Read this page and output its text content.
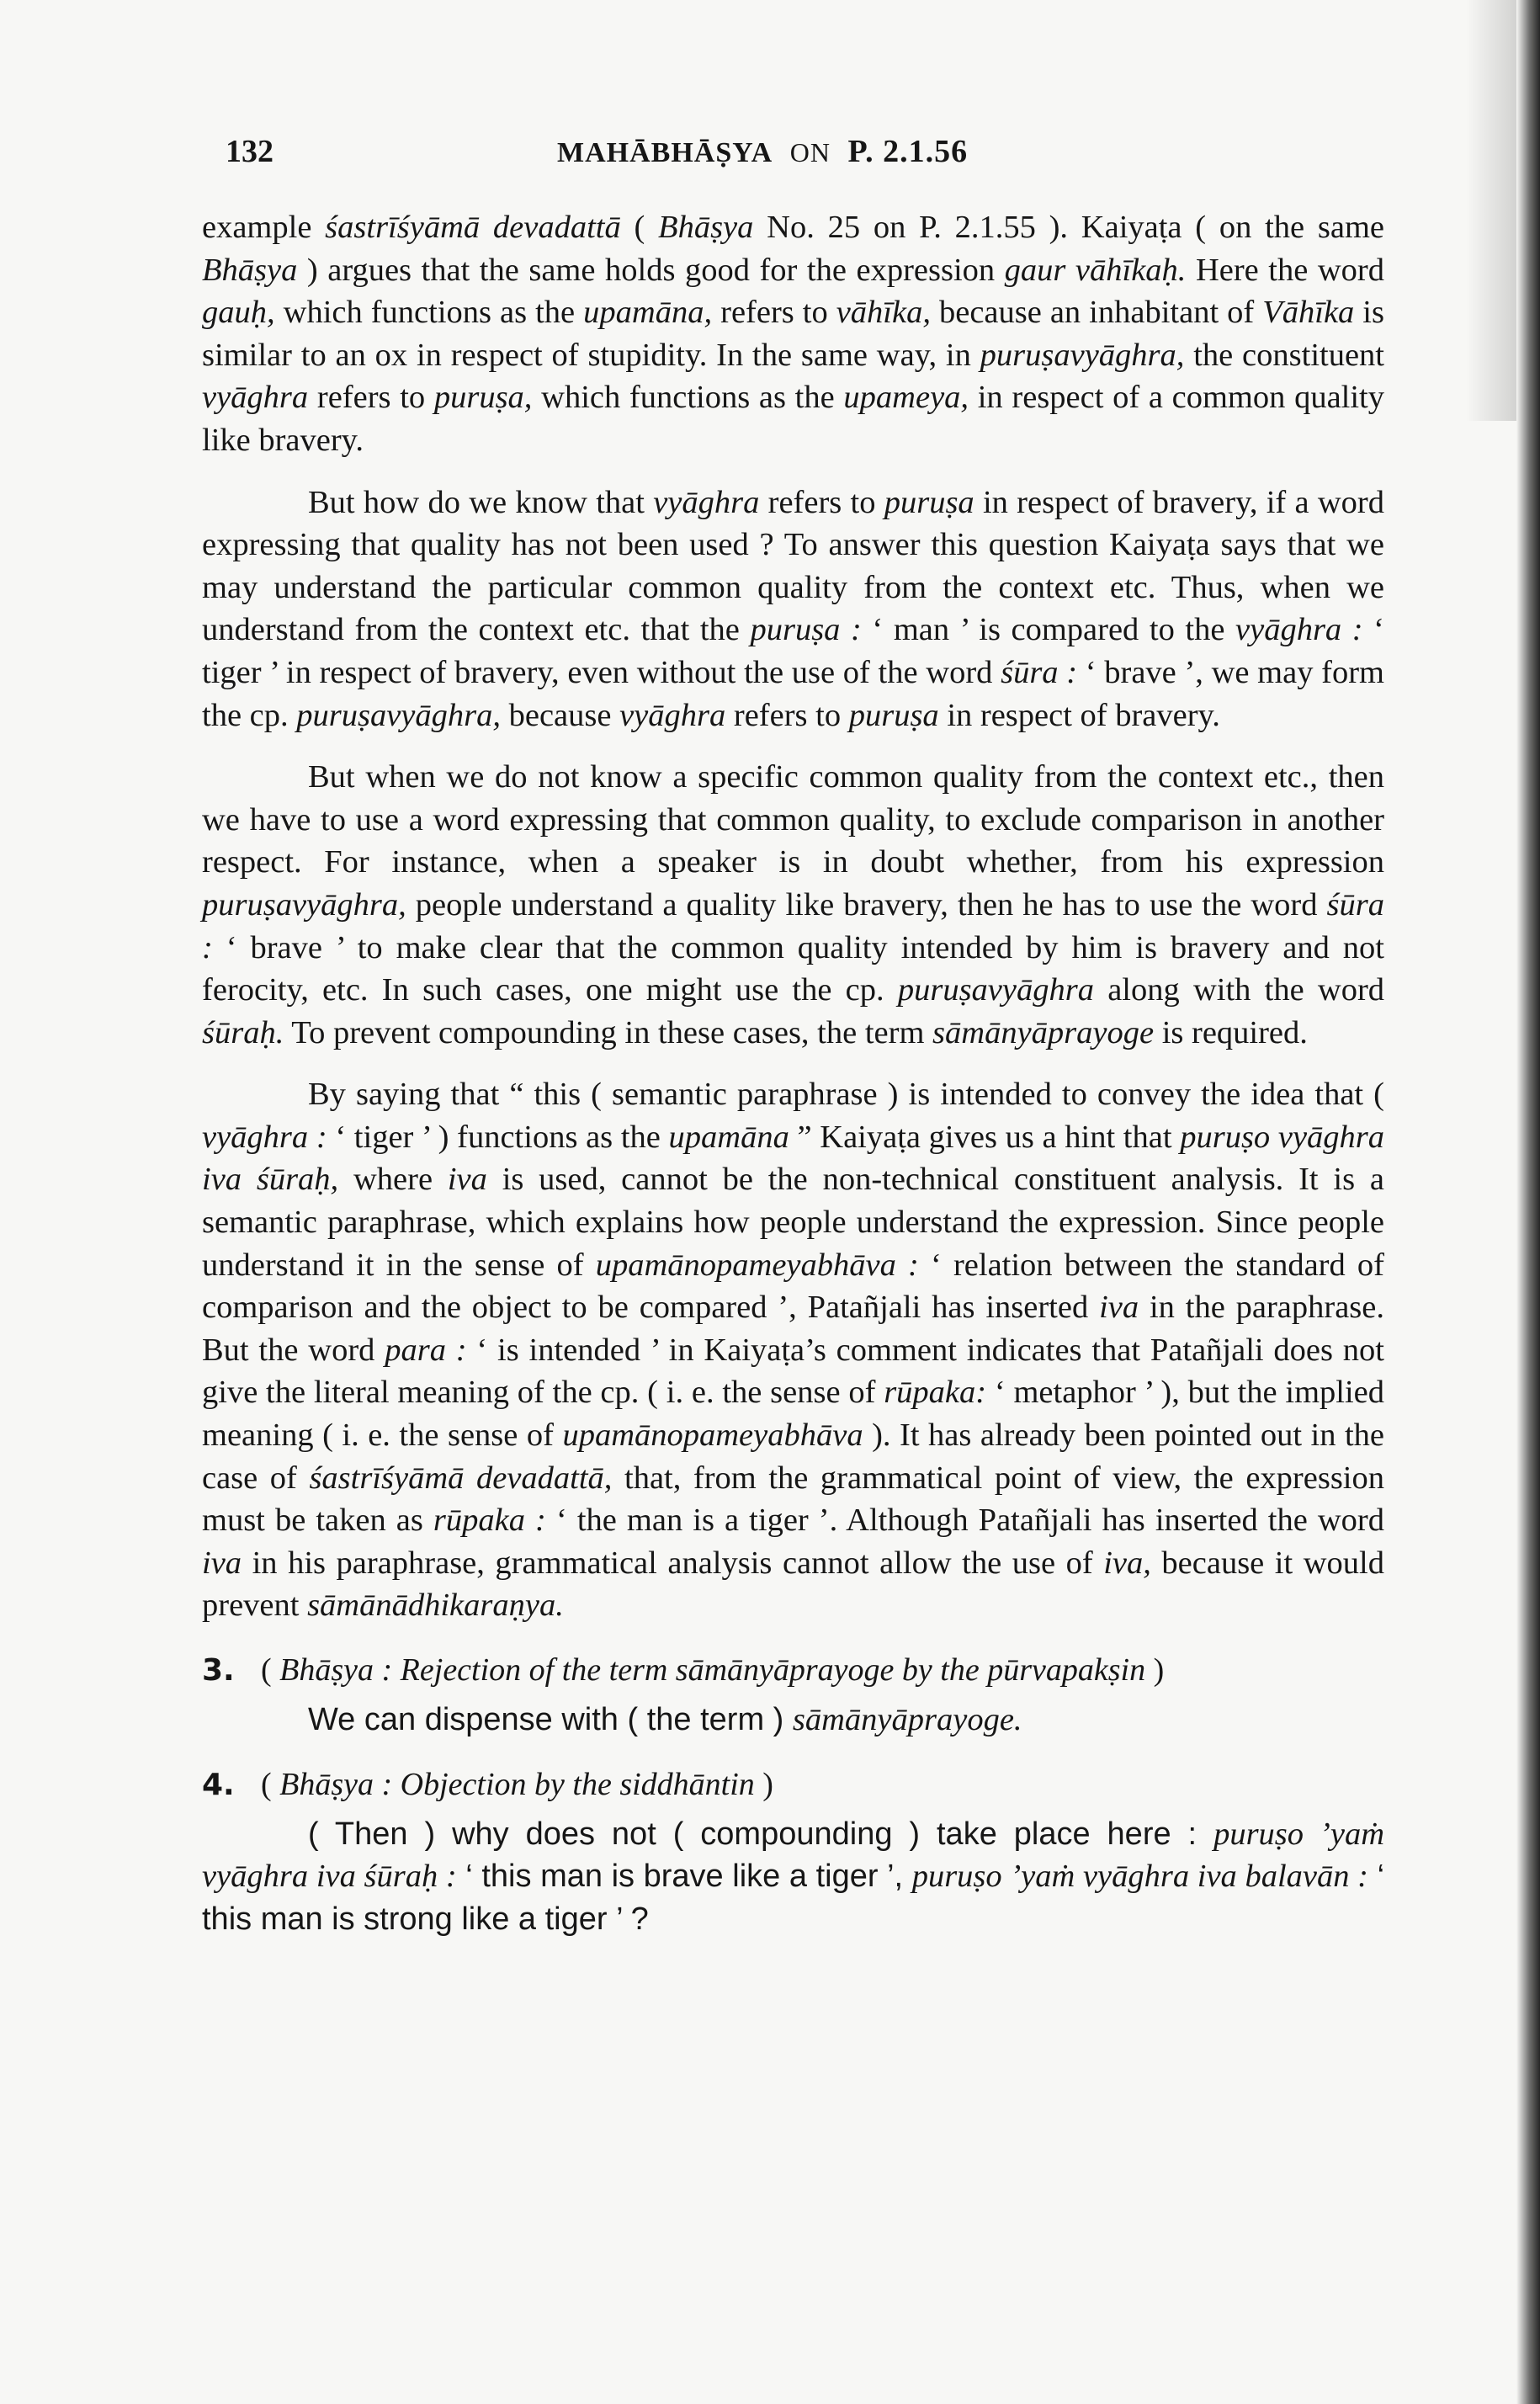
132	MAHĀBHĀṢYA ON P. 2.1.56

example śastrīśyāmā devadattā ( Bhāṣya No. 25 on P. 2.1.55 ). Kaiyaṭa ( on the same Bhāṣya ) argues that the same holds good for the expression gaur vāhīkaḥ. Here the word gauḥ, which functions as the upamāna, refers to vāhīka, because an inhabitant of Vāhīka is similar to an ox in respect of stupidity. In the same way, in puruṣavyāghra, the constituent vyāghra refers to puruṣa, which functions as the upameya, in respect of a common quality like bravery.

But how do we know that vyāghra refers to puruṣa in respect of bravery, if a word expressing that quality has not been used ? To answer this question Kaiyaṭa says that we may understand the particular common quality from the context etc. Thus, when we understand from the context etc. that the puruṣa : ‘ man ’ is compared to the vyāghra : ‘ tiger ’ in respect of bravery, even without the use of the word śūra : ‘ brave ’, we may form the cp. puruṣavyāghra, because vyāghra refers to puruṣa in respect of bravery.

But when we do not know a specific common quality from the context etc., then we have to use a word expressing that common quality, to exclude comparison in another respect. For instance, when a speaker is in doubt whether, from his expression puruṣavyāghra, people understand a quality like bravery, then he has to use the word śūra : ‘ brave ’ to make clear that the common quality intended by him is bravery and not ferocity, etc. In such cases, one might use the cp. puruṣavyāghra along with the word śūraḥ. To prevent compounding in these cases, the term sāmānyāprayoge is required.

By saying that “ this ( semantic paraphrase ) is intended to convey the idea that ( vyāghra : ‘ tiger ’ ) functions as the upamāna ” Kaiyaṭa gives us a hint that puruṣo vyāghra iva śūraḥ, where iva is used, cannot be the non-technical constituent analysis. It is a semantic paraphrase, which explains how people understand the expression. Since people understand it in the sense of upamānopameyabhāva : ‘ relation between the standard of comparison and the object to be compared ’, Patañjali has inserted iva in the paraphrase. But the word para : ‘ is intended ’ in Kaiyaṭa’s comment indicates that Patañjali does not give the literal meaning of the cp. ( i. e. the sense of rūpaka: ‘ metaphor ’ ), but the implied meaning ( i. e. the sense of upamānopameyabhāva ). It has already been pointed out in the case of śastrīśyāmā devadattā, that, from the grammatical point of view, the expression must be taken as rūpaka : ‘ the man is a tiger ’. Although Patañjali has inserted the word iva in his paraphrase, grammatical analysis cannot allow the use of iva, because it would prevent sāmānādhikaraṇya.

3. ( Bhāṣya : Rejection of the term sāmānyāprayoge by the pūrvapakṣin )
We can dispense with ( the term ) sāmānyāprayoge.
4. ( Bhāṣya : Objection by the siddhāntin )
( Then ) why does not ( compounding ) take place here : puruṣo ’yaṁ vyāghra iva śūraḥ : ‘ this man is brave like a tiger ’, puruṣo ’yaṁ vyāghra iva balavān : ‘ this man is strong like a tiger ’ ?
